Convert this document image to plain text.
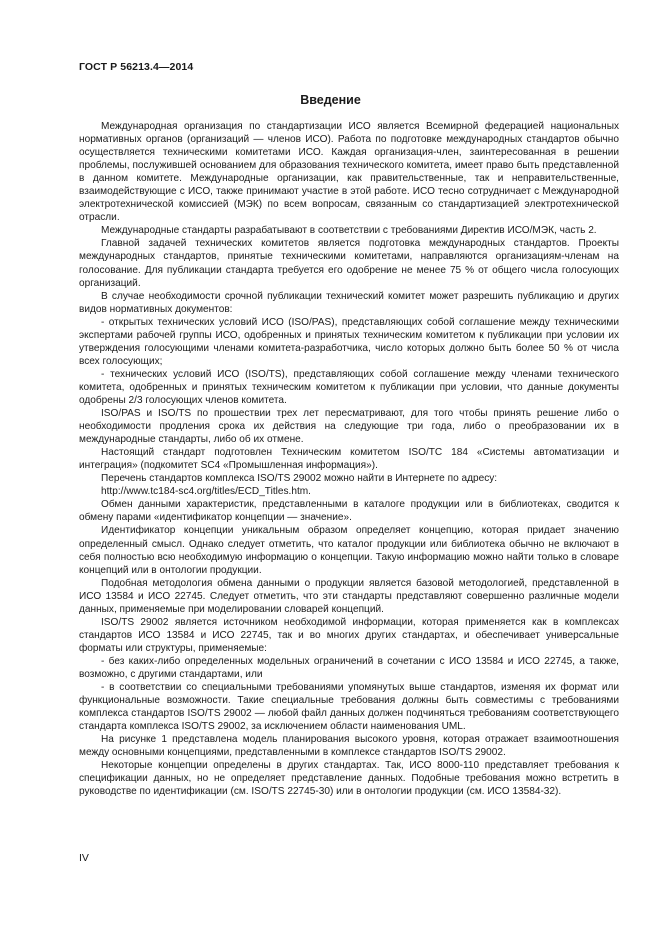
ГОСТ Р 56213.4—2014
Введение

Международная организация по стандартизации ИСО является Всемирной федерацией национальных нормативных органов (организаций — членов ИСО). Работа по подготовке международных стандартов обычно осуществляется техническими комитетами ИСО. Каждая организация-член, заинтересованная в решении проблемы, послужившей основанием для образования технического комитета, имеет право быть представленной в данном комитете. Международные организации, как правительственные, так и неправительственные, взаимодействующие с ИСО, также принимают участие в этой работе. ИСО тесно сотрудничает с Международной электротехнической комиссией (МЭК) по всем вопросам, связанным со стандартизацией электротехнической отрасли.

Международные стандарты разрабатывают в соответствии с требованиями Директив ИСО/МЭК, часть 2.

Главной задачей технических комитетов является подготовка международных стандартов. Проекты международных стандартов, принятые техническими комитетами, направляются организациям-членам на голосование. Для публикации стандарта требуется его одобрение не менее 75 % от общего числа голосующих организаций.

В случае необходимости срочной публикации технический комитет может разрешить публикацию и других видов нормативных документов:

- открытых технических условий ИСО (ISO/PAS), представляющих собой соглашение между техническими экспертами рабочей группы ИСО, одобренных и принятых техническим комитетом к публикации при условии их утверждения голосующими членами комитета-разработчика, число которых должно быть более 50 % от числа всех голосующих;

- технических условий ИСО (ISO/TS), представляющих собой соглашение между членами технического комитета, одобренных и принятых техническим комитетом к публикации при условии, что данные документы одобрены 2/3 голосующих членов комитета.

ISO/PAS и ISO/TS по прошествии трех лет пересматривают, для того чтобы принять решение либо о необходимости продления срока их действия на следующие три года, либо о преобразовании их в международные стандарты, либо об их отмене.

Настоящий стандарт подготовлен Техническим комитетом ISO/TC 184 «Системы автоматизации и интеграция» (подкомитет SC4 «Промышленная информация»).

Перечень стандартов комплекса ISO/TS 29002 можно найти в Интернете по адресу:

http://www.tc184-sc4.org/titles/ECD_Titles.htm.

Обмен данными характеристик, представленными в каталоге продукции или в библиотеках, сводится к обмену парами «идентификатор концепции — значение».

Идентификатор концепции уникальным образом определяет концепцию, которая придает значению определенный смысл. Однако следует отметить, что каталог продукции или библиотека обычно не включают в себя полностью всю необходимую информацию о концепции. Такую информацию можно найти только в словаре концепций или в онтологии продукции.

Подобная методология обмена данными о продукции является базовой методологией, представленной в ИСО 13584 и ИСО 22745. Следует отметить, что эти стандарты представляют совершенно различные модели данных, применяемые при моделировании словарей концепций.

ISO/TS 29002 является источником необходимой информации, которая применяется как в комплексах стандартов ИСО 13584 и ИСО 22745, так и во многих других стандартах, и обеспечивает универсальные форматы или структуры, применяемые:

- без каких-либо определенных модельных ограничений в сочетании с ИСО 13584 и ИСО 22745, а также, возможно, с другими стандартами, или

- в соответствии со специальными требованиями упомянутых выше стандартов, изменяя их формат или функциональные возможности. Такие специальные требования должны быть совместимы с требованиями комплекса стандартов ISO/TS 29002 — любой файл данных должен подчиняться требованиям соответствующего стандарта комплекса ISO/TS 29002, за исключением области наименования UML.

На рисунке 1 представлена модель планирования высокого уровня, которая отражает взаимоотношения между основными концепциями, представленными в комплексе стандартов ISO/TS 29002.

Некоторые концепции определены в других стандартах. Так, ИСО 8000-110 представляет требования к спецификации данных, но не определяет представление данных. Подобные требования можно встретить в руководстве по идентификации (см. ISO/TS 22745-30) или в онтологии продукции (см. ИСО 13584-32).

IV
